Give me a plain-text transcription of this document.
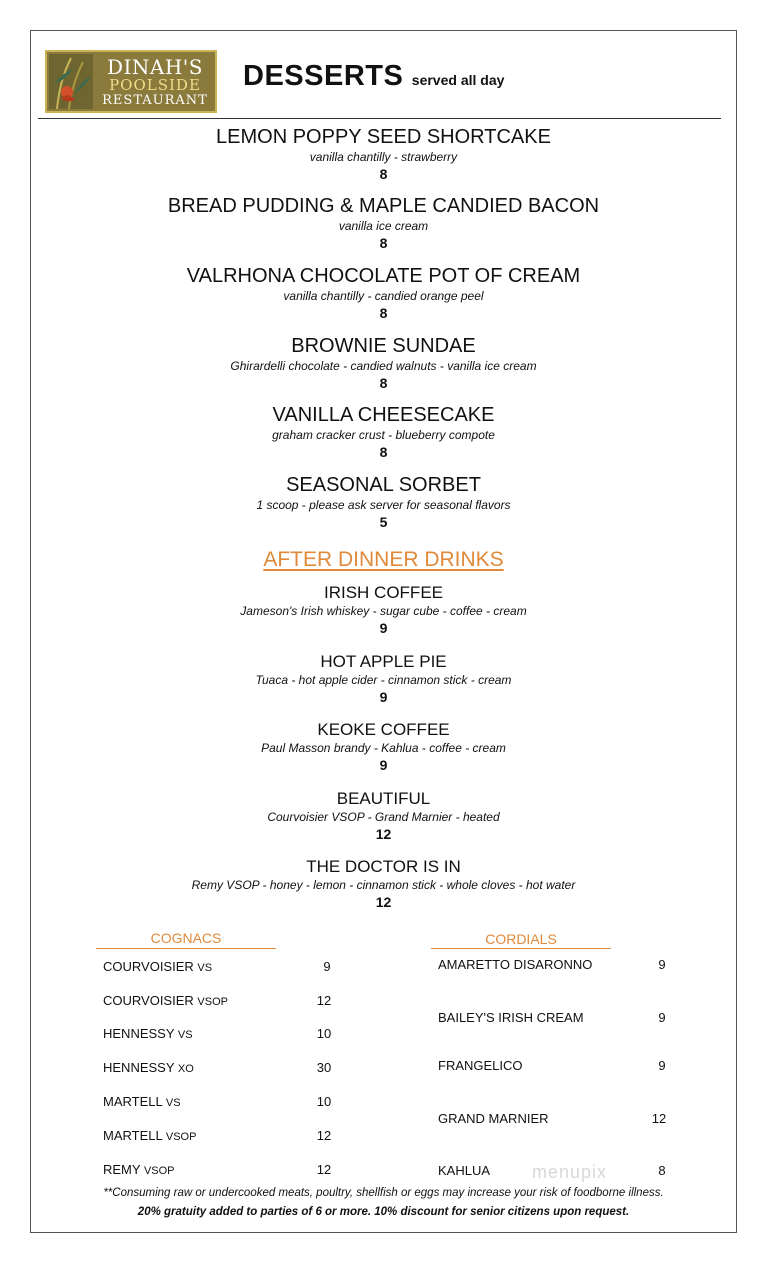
DINAH'S
POOLSIDE
RESTAURANT
DESSERTS served all day
LEMON POPPY SEED SHORTCAKE
vanilla chantilly - strawberry
8
BREAD PUDDING & MAPLE CANDIED BACON
vanilla ice cream
8
VALRHONA CHOCOLATE POT OF CREAM
vanilla chantilly - candied orange peel
8
BROWNIE SUNDAE
Ghirardelli chocolate - candied walnuts - vanilla ice cream
8
VANILLA CHEESECAKE
graham cracker crust - blueberry compote
8
SEASONAL SORBET
1 scoop - please ask server for seasonal flavors
5
AFTER DINNER DRINKS
IRISH COFFEE
Jameson's Irish whiskey - sugar cube - coffee - cream
9
HOT APPLE PIE
Tuaca - hot apple cider - cinnamon stick - cream
9
KEOKE COFFEE
Paul Masson brandy - Kahlua - coffee - cream
9
BEAUTIFUL
Courvoisier VSOP - Grand Marnier - heated
12
THE DOCTOR IS IN
Remy VSOP - honey - lemon - cinnamon stick - whole cloves - hot water
12
COGNACS
COURVOISIER VS	9
COURVOISIER VSOP	12
HENNESSY VS	10
HENNESSY XO	30
MARTELL VS	10
MARTELL VSOP	12
REMY VSOP	12
CORDIALS
AMARETTO DISARONNO	9
BAILEY'S IRISH CREAM	9
FRANGELICO	9
GRAND MARNIER	12
KAHLUA	8
menupix
**Consuming raw or undercooked meats, poultry, shellfish or eggs may increase your risk of foodborne illness.
20% gratuity added to parties of 6 or more. 10% discount for senior citizens upon request.
